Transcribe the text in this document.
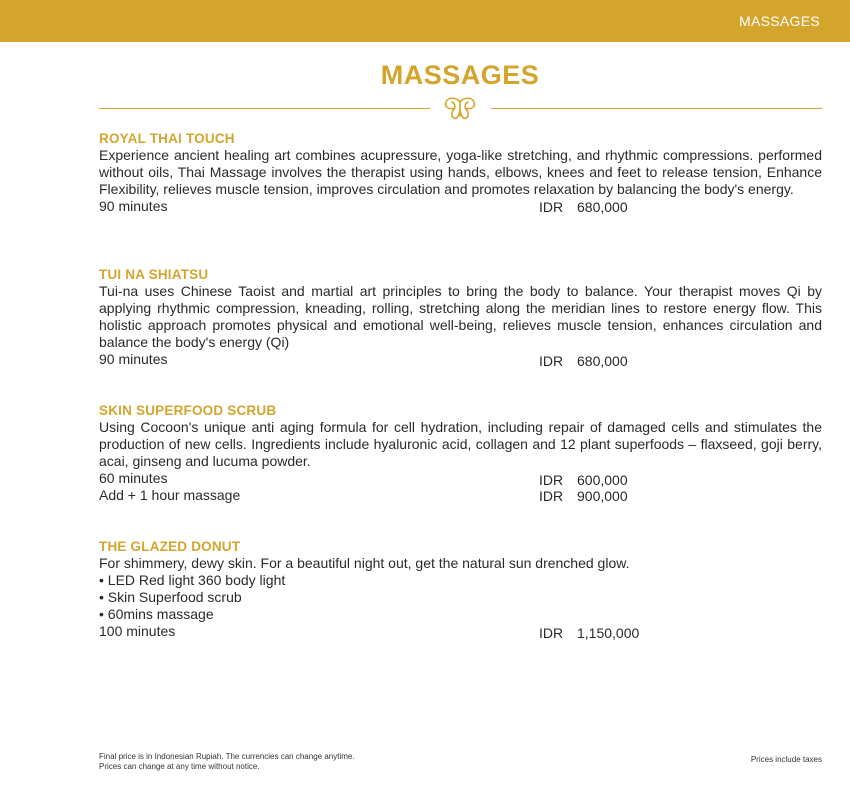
MASSAGES
MASSAGES
ROYAL THAI TOUCH
Experience ancient healing art combines acupressure, yoga-like stretching, and rhythmic compressions. performed without oils, Thai Massage involves the therapist using hands, elbows, knees and feet to release tension, Enhance Flexibility, relieves muscle tension, improves circulation and promotes relaxation by balancing the body's energy.
90 minutes	IDR 680,000
TUI NA SHIATSU
Tui-na uses Chinese Taoist and martial art principles to bring the body to balance. Your therapist moves Qi by applying rhythmic compression, kneading, rolling, stretching along the meridian lines to restore energy flow. This holistic approach promotes physical and emotional well-being, relieves muscle tension, enhances circulation and balance the body's energy (Qi)
90 minutes	IDR 680,000
SKIN SUPERFOOD SCRUB
Using Cocoon's unique anti aging formula for cell hydration, including repair of damaged cells and stimulates the production of new cells. Ingredients include hyaluronic acid, collagen and 12 plant superfoods – flaxseed, goji berry, acai, ginseng and lucuma powder.
60 minutes	IDR 600,000
Add + 1 hour massage	IDR 900,000
THE GLAZED DONUT
For shimmery, dewy skin. For a beautiful night out, get the natural sun drenched glow.
• LED Red light 360 body light
• Skin Superfood scrub
• 60mins massage
100 minutes	IDR 1,150,000
Final price is in Indonesian Rupiah. The currencies can change anytime.
Prices can change at any time without notice.
Prices include taxes
